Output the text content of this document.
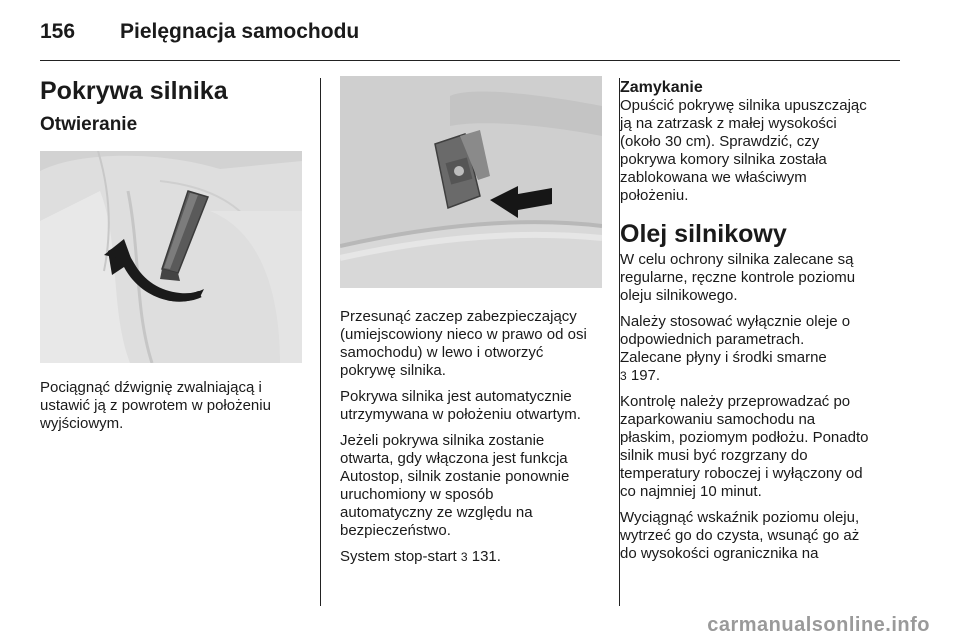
156 Pielęgnacja samochodu
Pokrywa silnika
Otwieranie

Pociągnąć dźwignię zwalniającą i

ustawić ją z powrotem w położeniu

wyjściowym.

Przesunąć zaczep zabezpieczający

(umiejscowiony nieco w prawo od osi

samochodu) w lewo i otworzyć

pokrywę silnika.

Pokrywa silnika jest automatycznie

utrzymywana w położeniu otwartym.

Jeżeli pokrywa silnika zostanie

otwarta, gdy włączona jest funkcja

Autostop, silnik zostanie ponownie

uruchomiony w sposób

automatyczny ze względu na

bezpieczeństwo.

System stop-start 3 131.

Zamykanie

Opuścić pokrywę silnika upuszczając

ją na zatrzask z małej wysokości

(około 30 cm). Sprawdzić, czy

pokrywa komory silnika została

zablokowana we właściwym

położeniu.

Olej silnikowy

W celu ochrony silnika zalecane są

regularne, ręczne kontrole poziomu

oleju silnikowego.

Należy stosować wyłącznie oleje o

odpowiednich parametrach.

Zalecane płyny i środki smarne

3 197.

Kontrolę należy przeprowadzać po

zaparkowaniu samochodu na

płaskim, poziomym podłożu. Ponadto

silnik musi być rozgrzany do

temperatury roboczej i wyłączony od

co najmniej 10 minut.

Wyciągnąć wskaźnik poziomu oleju,

wytrzeć go do czysta, wsunąć go aż

do wysokości ogranicznika na

carmanualsonline.info
